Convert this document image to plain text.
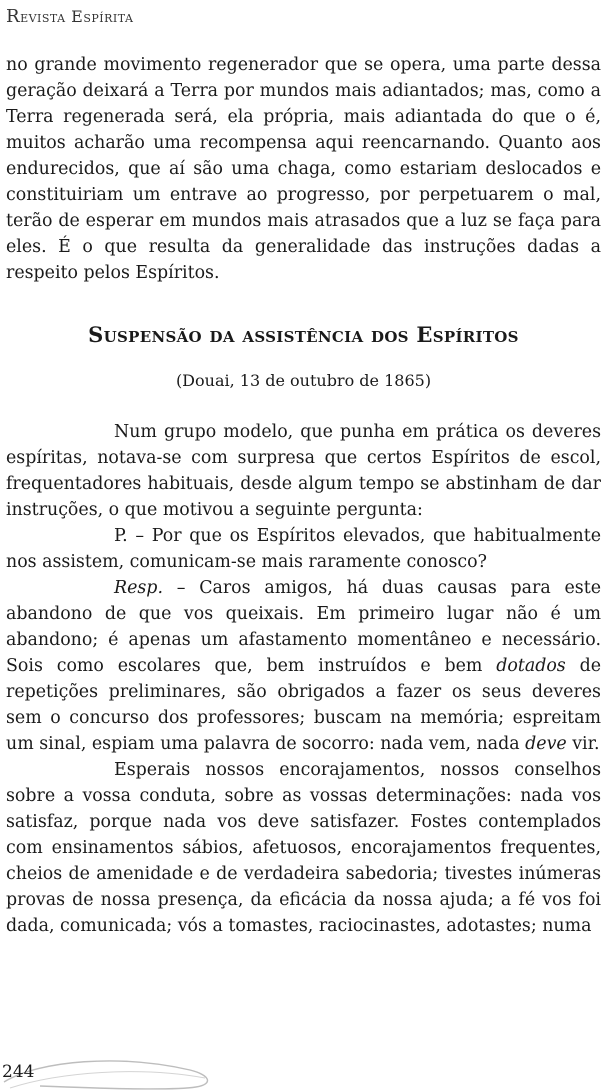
Revista Espírita

no grande movimento regenerador que se opera, uma parte dessa geração deixará a Terra por mundos mais adiantados; mas, como a Terra regenerada será, ela própria, mais adiantada do que o é, muitos acharão uma recompensa aqui reencarnando. Quanto aos endurecidos, que aí são uma chaga, como estariam deslocados e constituiriam um entrave ao progresso, por perpetuarem o mal, terão de esperar em mundos mais atrasados que a luz se faça para eles. É o que resulta da generalidade das instruções dadas a respeito pelos Espíritos.

Suspensão da assistência dos Espíritos
(Douai, 13 de outubro de 1865)

Num grupo modelo, que punha em prática os deveres espíritas, notava-se com surpresa que certos Espíritos de escol, frequentadores habituais, desde algum tempo se abstinham de dar instruções, o que motivou a seguinte pergunta:

P. – Por que os Espíritos elevados, que habitualmente nos assistem, comunicam-se mais raramente conosco?

Resp. – Caros amigos, há duas causas para este abandono de que vos queixais. Em primeiro lugar não é um abandono; é apenas um afastamento momentâneo e necessário. Sois como escolares que, bem instruídos e bem dotados de repetições preliminares, são obrigados a fazer os seus deveres sem o concurso dos professores; buscam na memória; espreitam um sinal, espiam uma palavra de socorro: nada vem, nada deve vir.

Esperais nossos encorajamentos, nossos conselhos sobre a vossa conduta, sobre as vossas determinações: nada vos satisfaz, porque nada vos deve satisfazer. Fostes contemplados com ensinamentos sábios, afetuosos, encorajamentos frequentes, cheios de amenidade e de verdadeira sabedoria; tivestes inúmeras provas de nossa presença, da eficácia da nossa ajuda; a fé vos foi dada, comunicada; vós a tomastes, raciocinastes, adotastes; numa

244
